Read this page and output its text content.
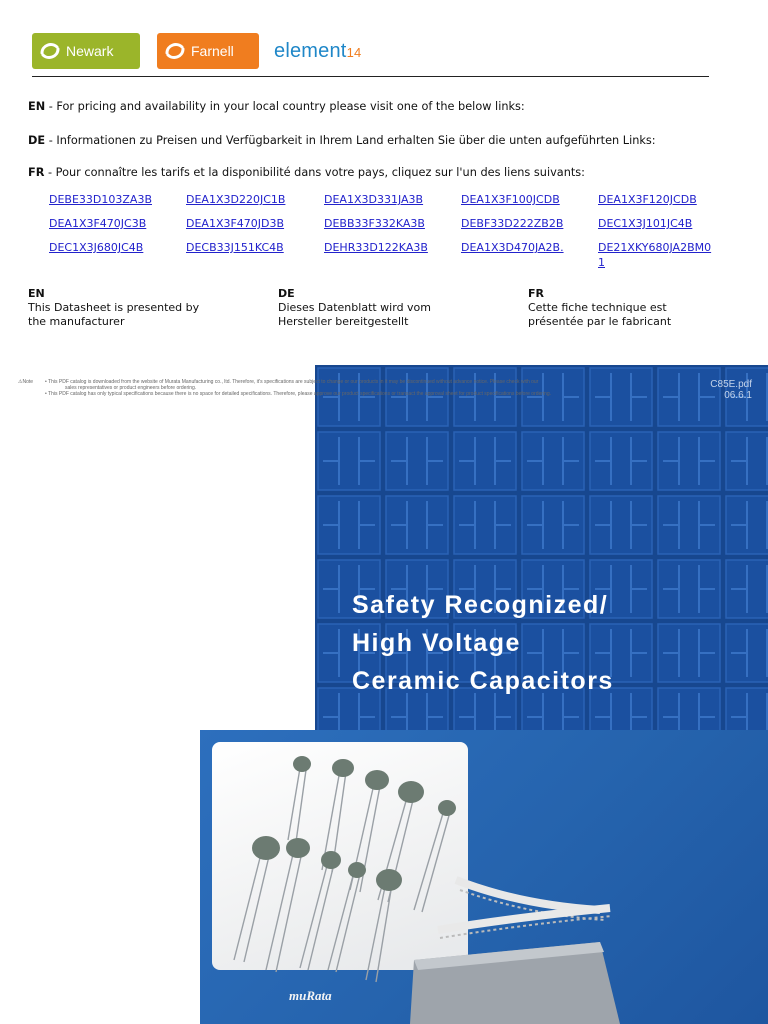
Newark	Farnell element14
EN - For pricing and availability in your local country please visit one of the below links:
DE - Informationen zu Preisen und Verfügbarkeit in Ihrem Land erhalten Sie über die unten aufgeführten Links:
FR - Pour connaître les tarifs et la disponibilité dans votre pays, cliquez sur l'un des liens suivants:
DEBE33D103ZA3B	DEA1X3D220JC1B	DEA1X3D331JA3B	DEA1X3F100JCDB	DEA1X3F120JCDB
DEA1X3F470JC3B	DEA1X3F470JD3B	DEBB33F332KA3B	DEBF33D222ZB2B	DEC1X3J101JC4B
DEC1X3J680JC4B	DECB33J151KC4B	DEHR33D122KA3B	DEA1X3D470JA2B.	DE21XKY680JA2BM0
1
EN
This Datasheet is presented by
the manufacturer
DE
Dieses Datenblatt wird vom
Hersteller bereitgestellt
FR
Cette fiche technique est
présentée par le fabricant
⚠Note • This PDF catalog is downloaded from the website of Murata Manufacturing co., ltd. Therefore, it's specifications are subject to change or our products in it may be discontinued without advance notice. Please check with our
sales representatives or product engineers before ordering.
• This PDF catalog has only typical specifications because there is no space for detailed specifications. Therefore, please approve our product specifications or transact the approval sheet for product specifications before ordering.
C85E.pdf
06.6.1
Safety Recognized/
High Voltage
Ceramic Capacitors
muRata
